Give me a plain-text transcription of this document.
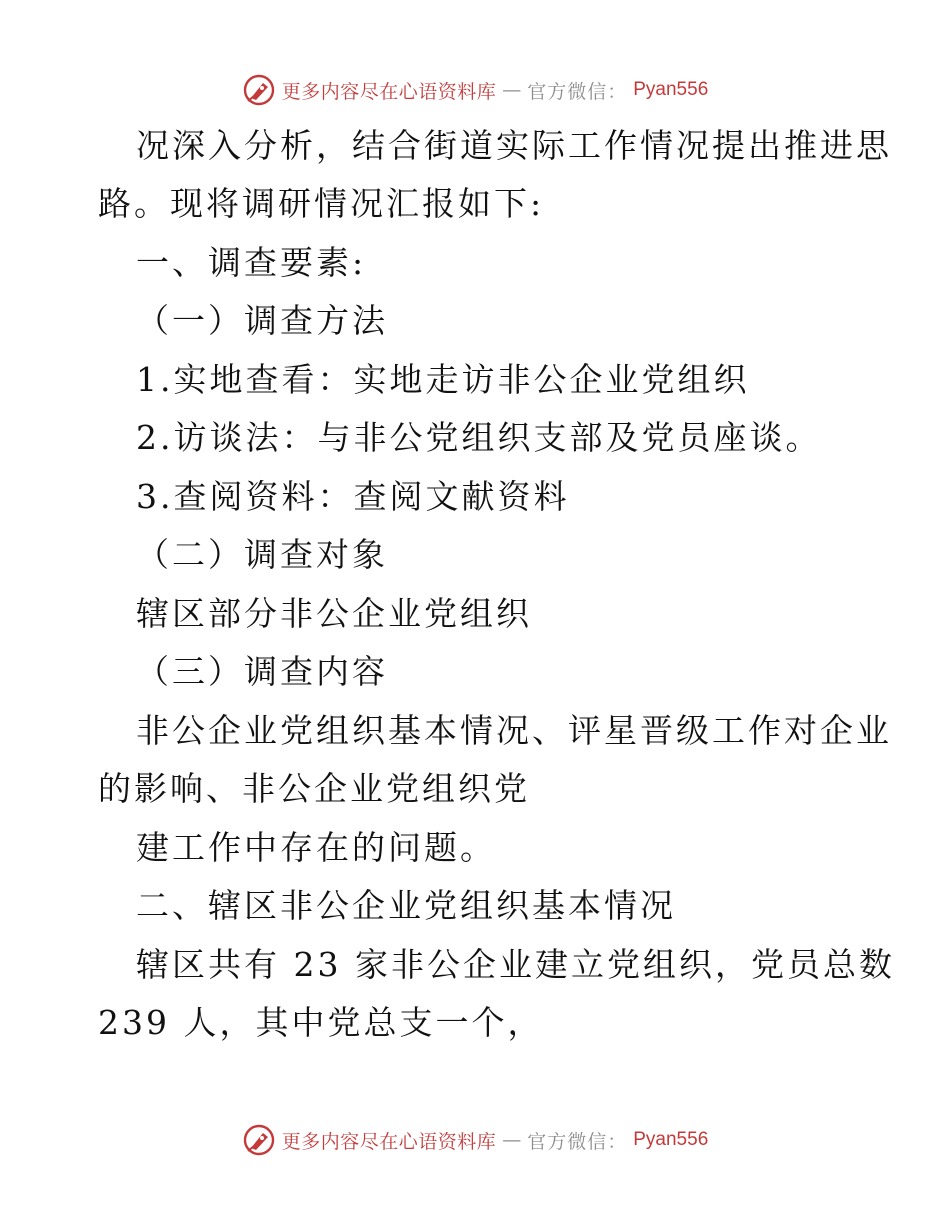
更多内容尽在心语资料库 — 官方微信： Pyan556
况深入分析，结合街道实际工作情况提出推进思
路。现将调研情况汇报如下:
一、调查要素:
（一）调查方法
1.实地查看：实地走访非公企业党组织
2.访谈法：与非公党组织支部及党员座谈。
3.查阅资料：查阅文献资料
（二）调查对象
辖区部分非公企业党组织
（三）调查内容
非公企业党组织基本情况、评星晋级工作对企业
的影响、非公企业党组织党
建工作中存在的问题。
二、辖区非公企业党组织基本情况
辖区共有 23 家非公企业建立党组织，党员总数
239 人，其中党总支一个，
更多内容尽在心语资料库 — 官方微信： Pyan556
